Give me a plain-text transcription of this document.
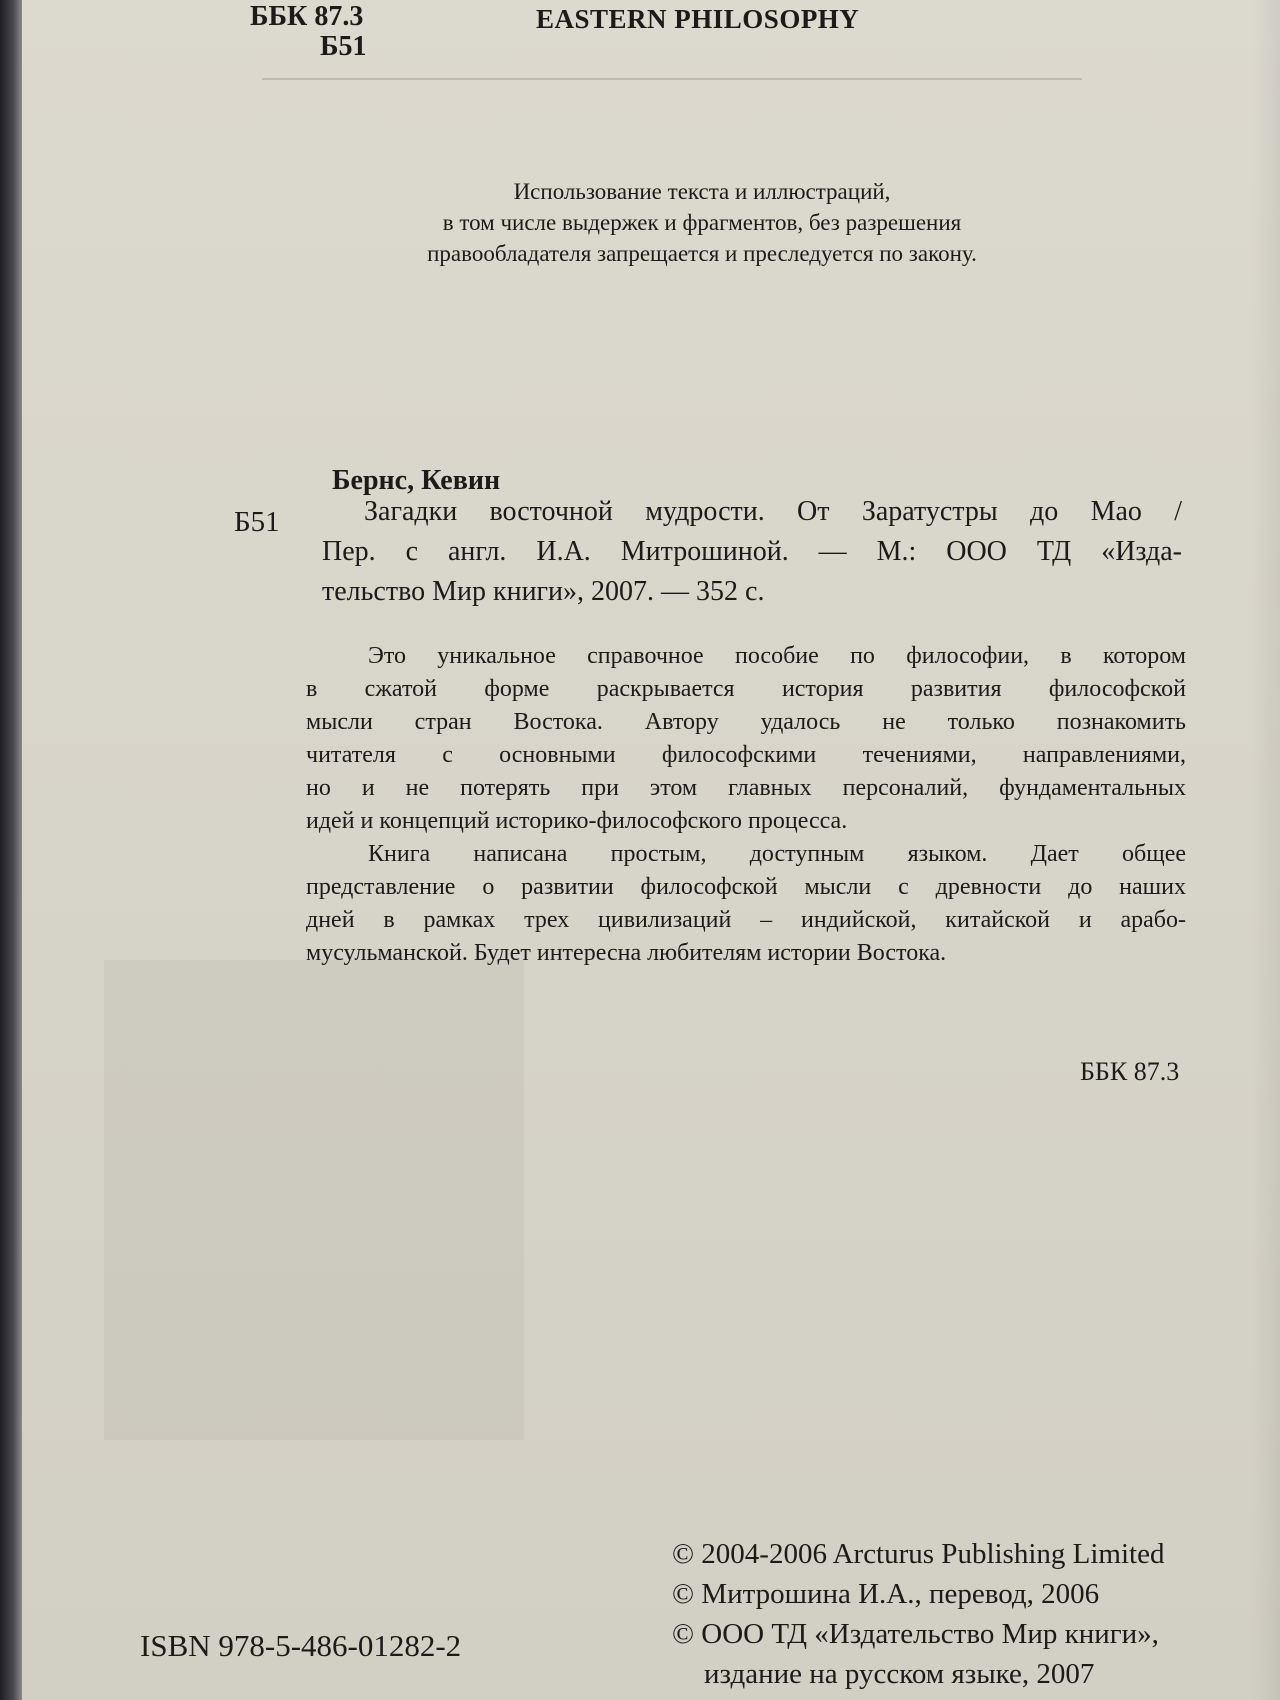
ББК 87.3
Б51
EASTERN PHILOSOPHY
Использование текста и иллюстраций,
в том числе выдержек и фрагментов, без разрешения
правообладателя запрещается и преследуется по закону.
Бернс, Кевин
Б51	Загадки восточной мудрости. От Заратустры до Мао /
Пер. с англ. И.А. Митрошиной. — М.: ООО ТД «Изда-
тельство Мир книги», 2007. — 352 с.
Это уникальное справочное пособие по философии, в котором
в сжатой форме раскрывается история развития философской
мысли стран Востока. Автору удалось не только познакомить
читателя с основными философскими течениями, направлениями,
но и не потерять при этом главных персоналий, фундаментальных
идей и концепций историко-философского процесса.
Книга написана простым, доступным языком. Дает общее
представление о развитии философской мысли с древности до наших
дней в рамках трех цивилизаций – индийской, китайской и арабо-
мусульманской. Будет интересна любителям истории Востока.
ББК 87.3
© 2004-2006 Arcturus Publishing Limited
© Митрошина И.А., перевод, 2006
© ООО ТД «Издательство Мир книги»,
издание на русском языке, 2007
ISBN 978-5-486-01282-2
